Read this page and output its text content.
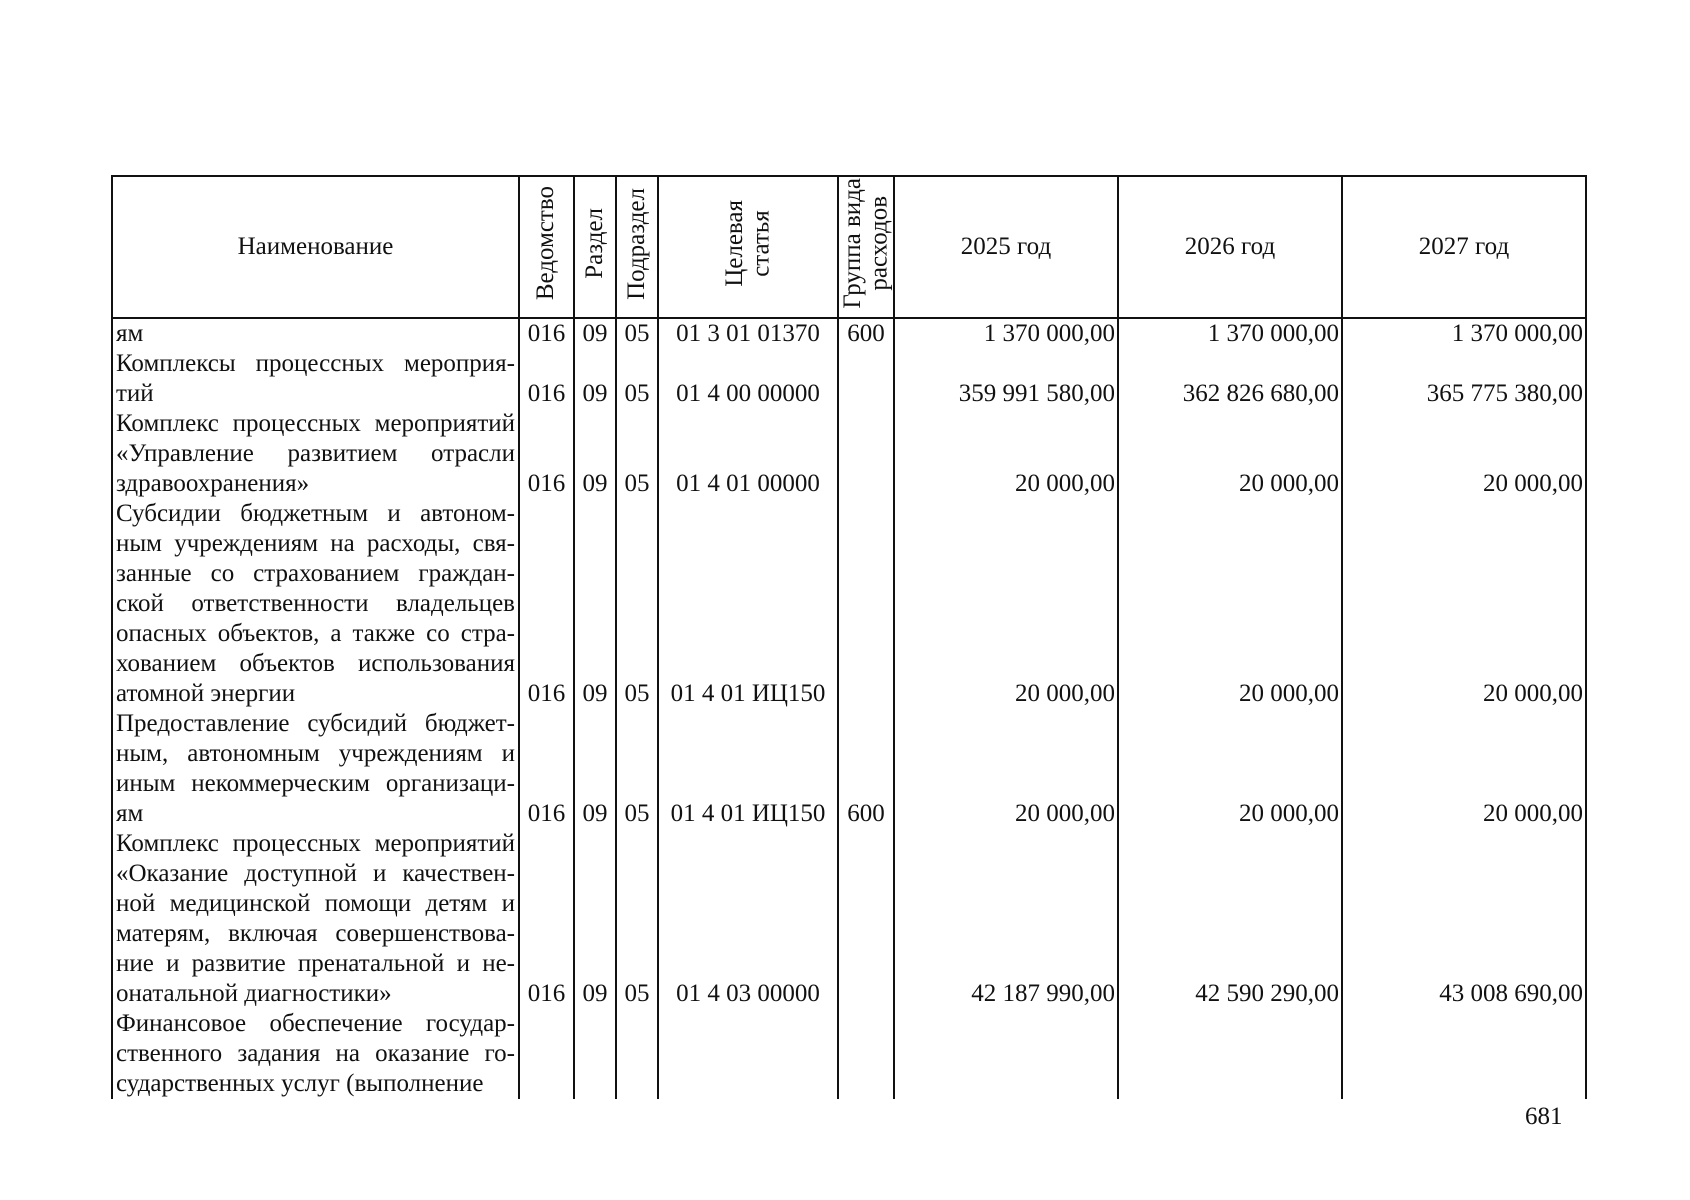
Наименование	Ведомство	Раздел	Подраздел	Целевая
статья	Группа вида
расходов	2025 год	2026 год	2027 год
ям	016	09	05	01 3 01 01370	600	1 370 000,00	1 370 000,00	1 370 000,00
Комплексы процессных мероприя-тий	016	09	05	01 4 00 00000		359 991 580,00	362 826 680,00	365 775 380,00
Комплекс процессных мероприятий «Управление развитием отрасли здравоохранения»	016	09	05	01 4 01 00000		20 000,00	20 000,00	20 000,00
Субсидии бюджетным и автоном-ным учреждениям на расходы, свя-занные со страхованием граждан-ской ответственности владельцев опасных объектов, а также со стра-хованием объектов использования атомной энергии	016	09	05	01 4 01 ИЦ150		20 000,00	20 000,00	20 000,00
Предоставление субсидий бюджет-ным, автономным учреждениям и иным некоммерческим организаци-ям	016	09	05	01 4 01 ИЦ150	600	20 000,00	20 000,00	20 000,00
Комплекс процессных мероприятий «Оказание доступной и качествен-ной медицинской помощи детям и матерям, включая совершенствова-ние и развитие пренатальной и не-онатальной диагностики»	016	09	05	01 4 03 00000		42 187 990,00	42 590 290,00	43 008 690,00
Финансовое обеспечение государ-ственного задания на оказание го-сударственных услуг (выполнение								
681
